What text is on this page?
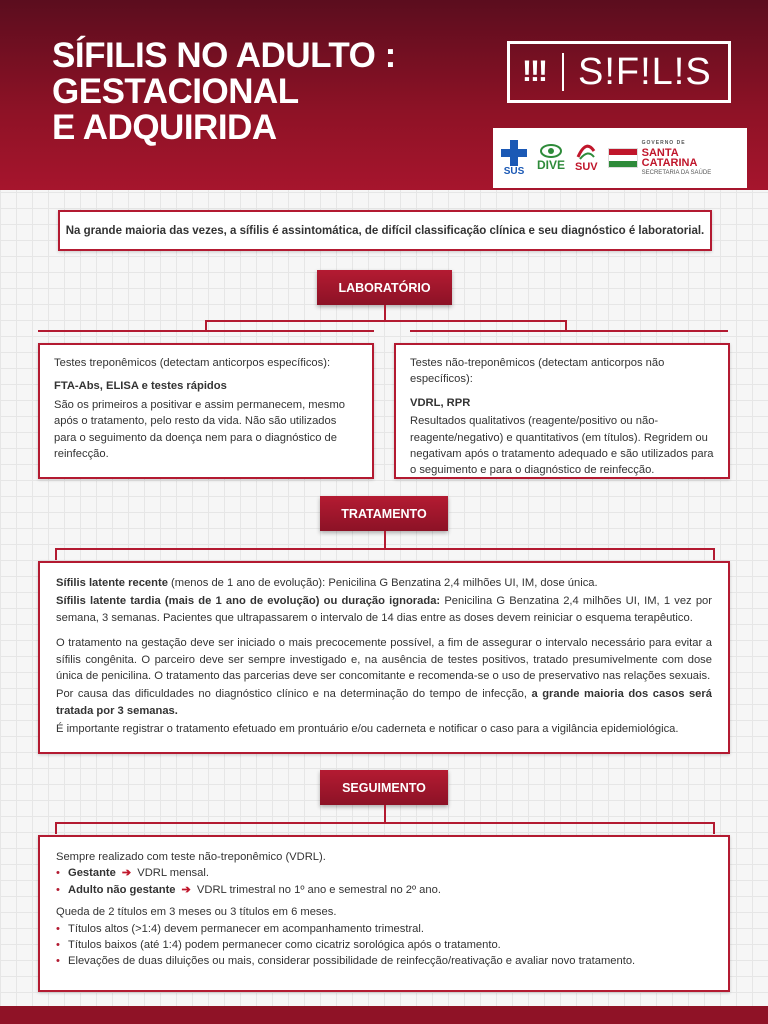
SÍFILIS NO ADULTO :
GESTACIONAL
E ADQUIRIDA
!!! S!F!L!S
SUS DIVE SUV
GOVERNO DE
SANTA
CATARINA
SECRETARIA DA SAÚDE
Na grande maioria das vezes, a sífilis é assintomática, de difícil classificação clínica e seu diagnóstico é laboratorial.
LABORATÓRIO
Testes treponêmicos (detectam anticorpos específicos):
FTA-Abs, ELISA e testes rápidos
São os primeiros a positivar e assim permanecem, mesmo após o tratamento, pelo resto da vida. Não são utilizados para o seguimento da doença nem para o diagnóstico de reinfecção.
Testes não-treponêmicos (detectam anticorpos não específicos):
VDRL, RPR
Resultados qualitativos (reagente/positivo ou não-reagente/negativo) e quantitativos (em títulos). Regridem ou negativam após o tratamento adequado e são utilizados para o seguimento e para o diagnóstico de reinfecção.
TRATAMENTO
Sífilis latente recente (menos de 1 ano de evolução): Penicilina G Benzatina 2,4 milhões UI, IM, dose única.
Sífilis latente tardia (mais de 1 ano de evolução) ou duração ignorada: Penicilina G Benzatina 2,4 milhões UI, IM, 1 vez por semana, 3 semanas. Pacientes que ultrapassarem o intervalo de 14 dias entre as doses devem reiniciar o esquema terapêutico.
O tratamento na gestação deve ser iniciado o mais precocemente possível, a fim de assegurar o intervalo necessário para evitar a sífilis congênita. O parceiro deve ser sempre investigado e, na ausência de testes positivos, tratado presumivelmente com dose única de penicilina. O tratamento das parcerias deve ser concomitante e recomenda-se o uso de preservativo nas relações sexuais.
Por causa das dificuldades no diagnóstico clínico e na determinação do tempo de infecção, a grande maioria dos casos será tratada por 3 semanas.
É importante registrar o tratamento efetuado em prontuário e/ou caderneta e notificar o caso para a vigilância epidemiológica.
SEGUIMENTO
Sempre realizado com teste não-treponêmico (VDRL).
• Gestante ➔ VDRL mensal.
• Adulto não gestante ➔ VDRL trimestral no 1º ano e semestral no 2º ano.
Queda de 2 títulos em 3 meses ou 3 títulos em 6 meses.
• Títulos altos (>1:4) devem permanecer em acompanhamento trimestral.
• Títulos baixos (até 1:4) podem permanecer como cicatriz sorológica após o tratamento.
• Elevações de duas diluições ou mais, considerar possibilidade de reinfecção/reativação e avaliar novo tratamento.
